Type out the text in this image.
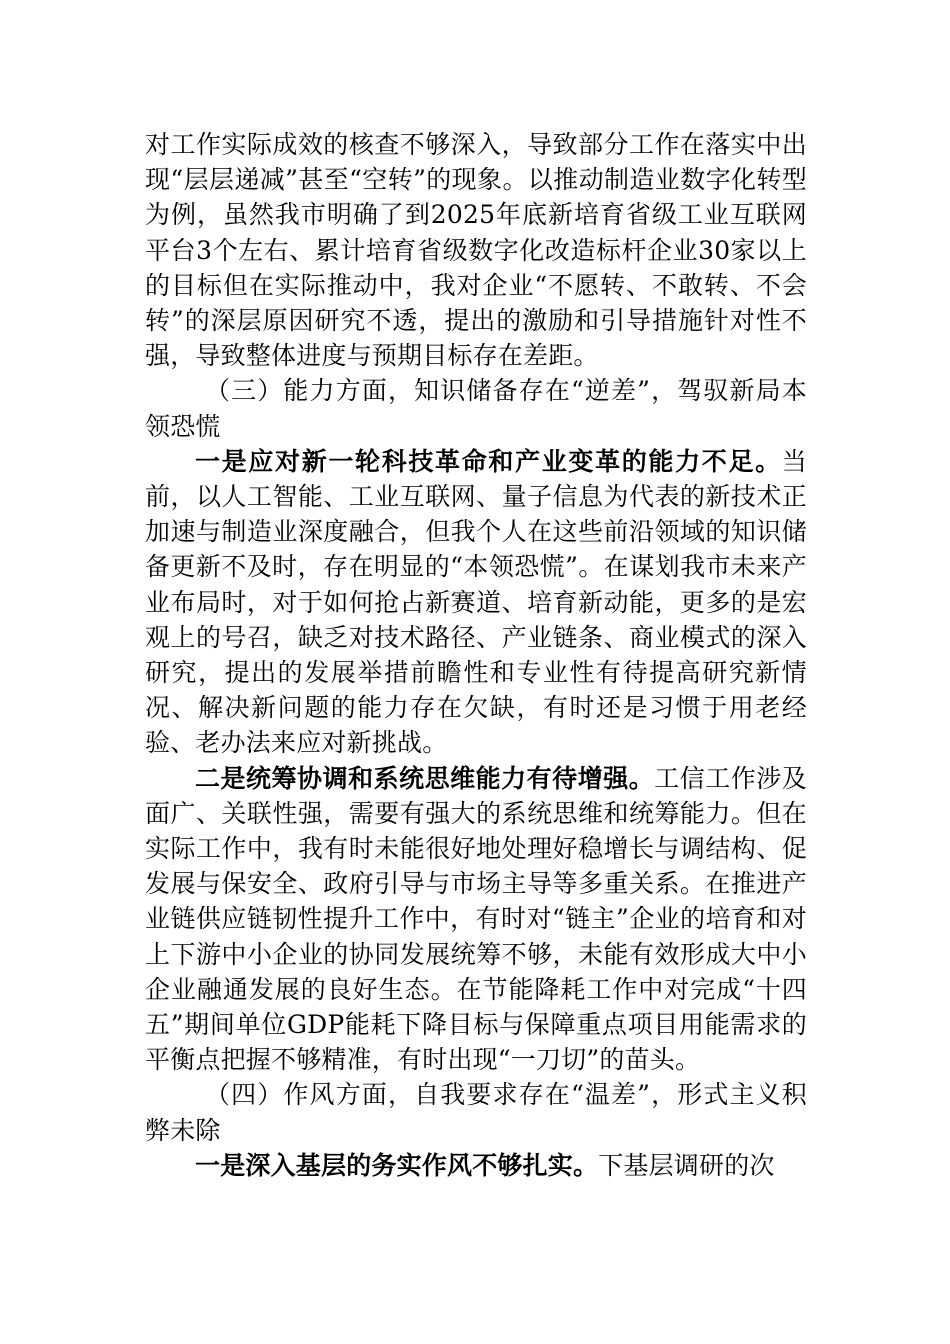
对工作实际成效的核查不够深入，导致部分工作在落实中出现“层层递减”甚至“空转”的现象。以推动制造业数字化转型为例，虽然我市明确了到2025年底新培育省级工业互联网平台3个左右、累计培育省级数字化改造标杆企业30家以上的目标但在实际推动中，我对企业“不愿转、不敢转、不会转”的深层原因研究不透，提出的激励和引导措施针对性不强，导致整体进度与预期目标存在差距。

（三）能力方面，知识储备存在“逆差”，驾驭新局本领恐慌

一是应对新一轮科技革命和产业变革的能力不足。当前，以人工智能、工业互联网、量子信息为代表的新技术正加速与制造业深度融合，但我个人在这些前沿领域的知识储备更新不及时，存在明显的“本领恐慌”。在谋划我市未来产业布局时，对于如何抢占新赛道、培育新动能，更多的是宏观上的号召，缺乏对技术路径、产业链条、商业模式的深入研究，提出的发展举措前瞻性和专业性有待提高研究新情况、解决新问题的能力存在欠缺，有时还是习惯于用老经验、老办法来应对新挑战。

二是统筹协调和系统思维能力有待增强。工信工作涉及面广、关联性强，需要有强大的系统思维和统筹能力。但在实际工作中，我有时未能很好地处理好稳增长与调结构、促发展与保安全、政府引导与市场主导等多重关系。在推进产业链供应链韧性提升工作中，有时对“链主”企业的培育和对上下游中小企业的协同发展统筹不够，未能有效形成大中小企业融通发展的良好生态。在节能降耗工作中对完成“十四五”期间单位GDP能耗下降目标与保障重点项目用能需求的平衡点把握不够精准，有时出现“一刀切”的苗头。

（四）作风方面，自我要求存在“温差”，形式主义积弊未除

一是深入基层的务实作风不够扎实。下基层调研的次
